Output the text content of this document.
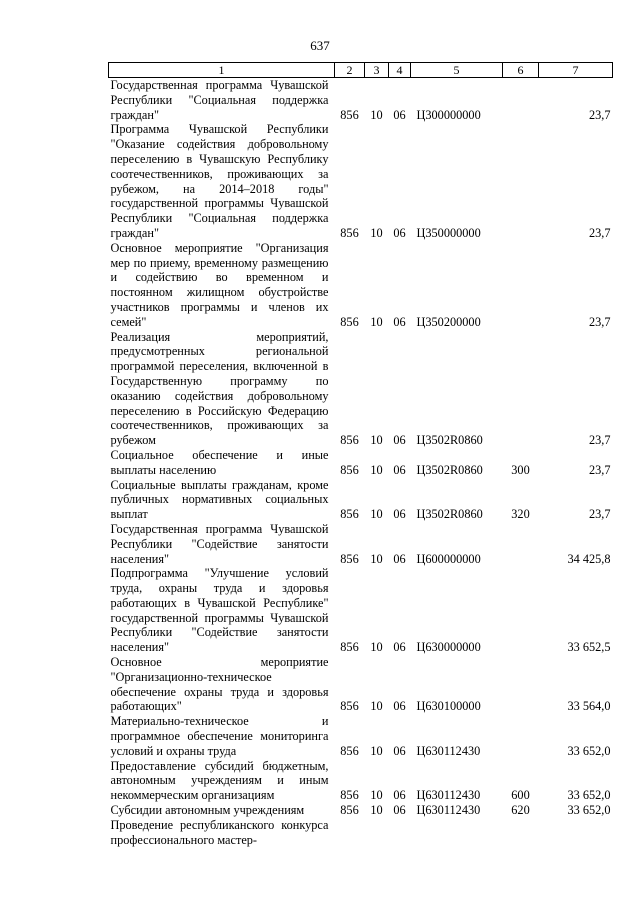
637
1	2	3	4	5	6	7
Государственная программа Чувашской Республики "Социальная поддержка граждан"	856	10	06	Ц300000000		23,7
Программа Чувашской Республики "Оказание содействия добровольному переселению в Чувашскую Республику соотечественников, проживающих за рубежом, на 2014–2018 годы" государственной программы Чувашской Республики "Социальная поддержка граждан"	856	10	06	Ц350000000		23,7
Основное мероприятие "Организация мер по приему, временному размещению и содействию во временном и постоянном жилищном обустройстве участников программы и членов их семей"	856	10	06	Ц350200000		23,7
Реализация мероприятий, предусмотренных региональной программой переселения, включенной в Государственную программу по оказанию содействия добровольному переселению в Российскую Федерацию соотечественников, проживающих за рубежом	856	10	06	Ц3502R0860		23,7
Социальное обеспечение и иные выплаты населению	856	10	06	Ц3502R0860	300	23,7
Социальные выплаты гражданам, кроме публичных нормативных социальных выплат	856	10	06	Ц3502R0860	320	23,7
Государственная программа Чувашской Республики "Содействие занятости населения"	856	10	06	Ц600000000		34 425,8
Подпрограмма "Улучшение условий труда, охраны труда и здоровья работающих в Чувашской Республике" государственной программы Чувашской Республики "Содействие занятости населения"	856	10	06	Ц630000000		33 652,5
Основное мероприятие "Организационно-техническое обеспечение охраны труда и здоровья работающих"	856	10	06	Ц630100000		33 564,0
Материально-техническое и программное обеспечение мониторинга условий и охраны труда	856	10	06	Ц630112430		33 652,0
Предоставление субсидий бюджетным, автономным учреждениям и иным некоммерческим организациям	856	10	06	Ц630112430	600	33 652,0
Субсидии автономным учреждениям	856	10	06	Ц630112430	620	33 652,0
Проведение республиканского конкурса профессионального мастер-						
